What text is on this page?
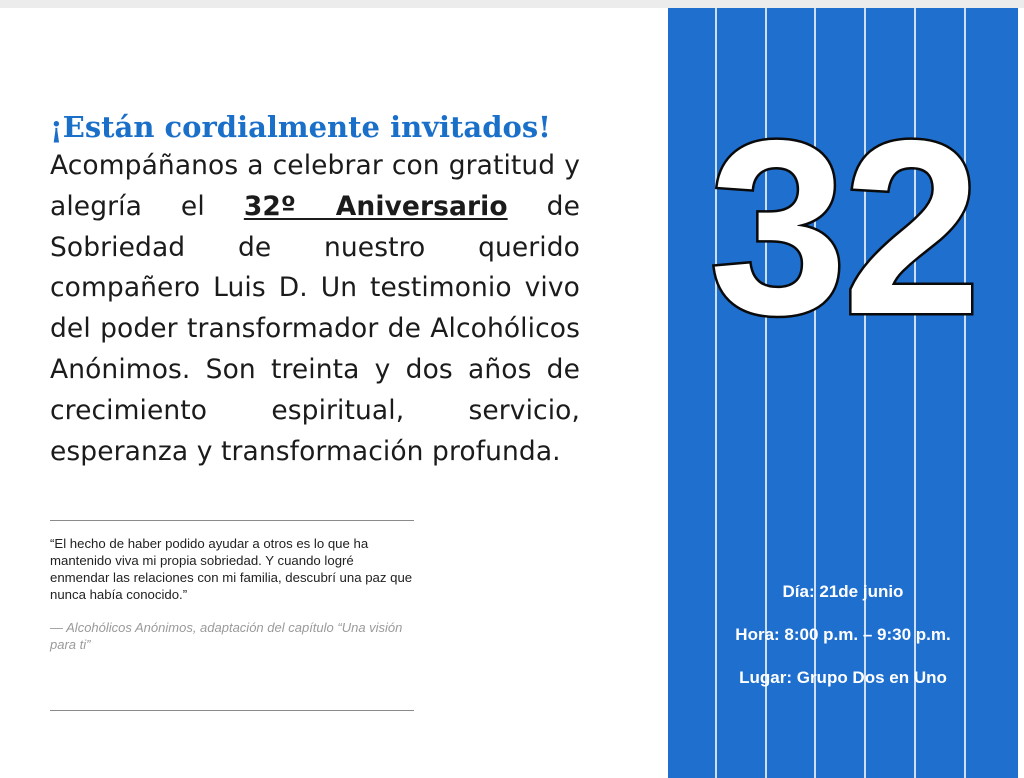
¡Están cordialmente invitados!

Acompáñanos a celebrar con gratitud y alegría el 32º Aniversario de Sobriedad de nuestro querido compañero Luis D. Un testimonio vivo del poder transformador de Alcohólicos Anónimos. Son treinta y dos años de crecimiento espiritual, servicio, esperanza y transformación profunda.

“El hecho de haber podido ayudar a otros es lo que ha mantenido viva mi propia sobriedad. Y cuando logré enmendar las relaciones con mi familia, descubrí una paz que nunca había conocido.”

— Alcohólicos Anónimos, adaptación del capítulo “Una visión para ti”

32

Día: 21de junio

Hora: 8:00 p.m. – 9:30 p.m.

Lugar: Grupo Dos en Uno
